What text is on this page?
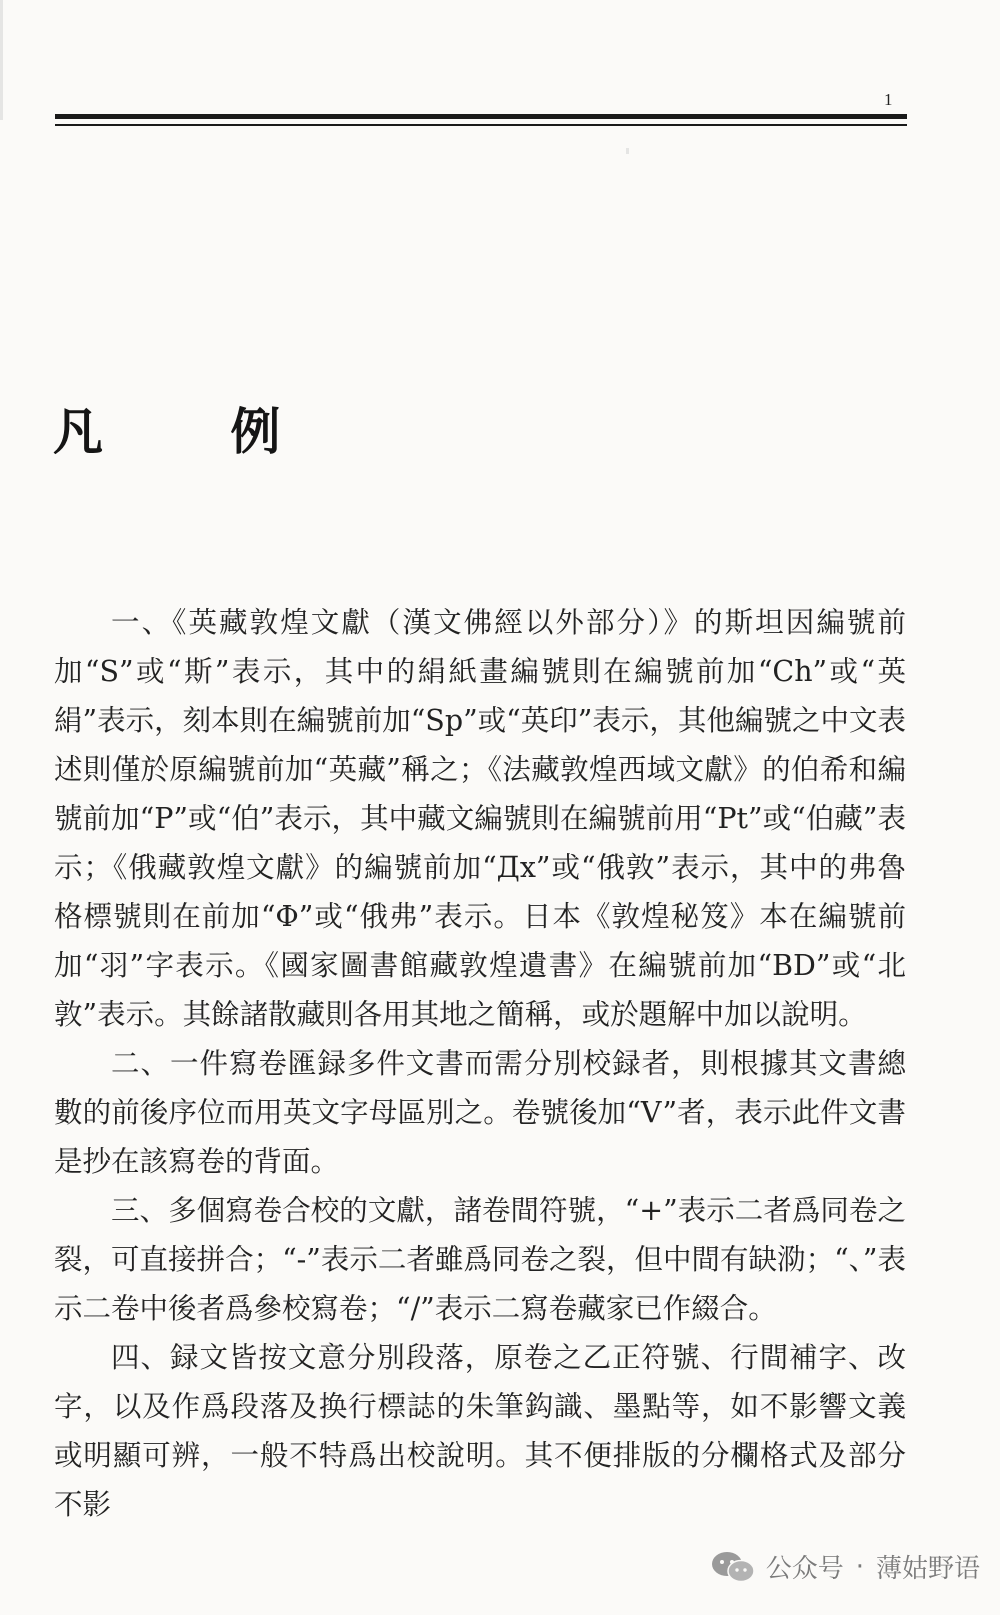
1
凡 例

一、《英藏敦煌文獻（漢文佛經以外部分）》的斯坦因編號前加“S”或“斯”表示，其中的絹紙畫編號則在編號前加“Ch”或“英絹”表示，刻本則在編號前加“Sp”或“英印”表示，其他編號之中文表述則僅於原編號前加“英藏”稱之；《法藏敦煌西域文獻》的伯希和編號前加“P”或“伯”表示，其中藏文編號則在編號前用“Pt”或“伯藏”表示；《俄藏敦煌文獻》的編號前加“Дx”或“俄敦”表示，其中的弗魯格標號則在前加“Φ”或“俄弗”表示。日本《敦煌秘笈》本在編號前加“羽”字表示。《國家圖書館藏敦煌遺書》在編號前加“BD”或“北敦”表示。其餘諸散藏則各用其地之簡稱，或於題解中加以說明。

二、一件寫卷匯録多件文書而需分別校録者，則根據其文書總數的前後序位而用英文字母區別之。卷號後加“V”者，表示此件文書是抄在該寫卷的背面。

三、多個寫卷合校的文獻，諸卷間符號，“+”表示二者爲同卷之裂，可直接拼合；“-”表示二者雖爲同卷之裂，但中間有缺泐；“、”表示二卷中後者爲參校寫卷；“/”表示二寫卷藏家已作綴合。

四、録文皆按文意分別段落，原卷之乙正符號、行間補字、改字，以及作爲段落及换行標誌的朱筆鈎識、墨點等，如不影響文義或明顯可辨，一般不特爲出校說明。其不便排版的分欄格式及部分不影

公众号 · 薄姑野语
